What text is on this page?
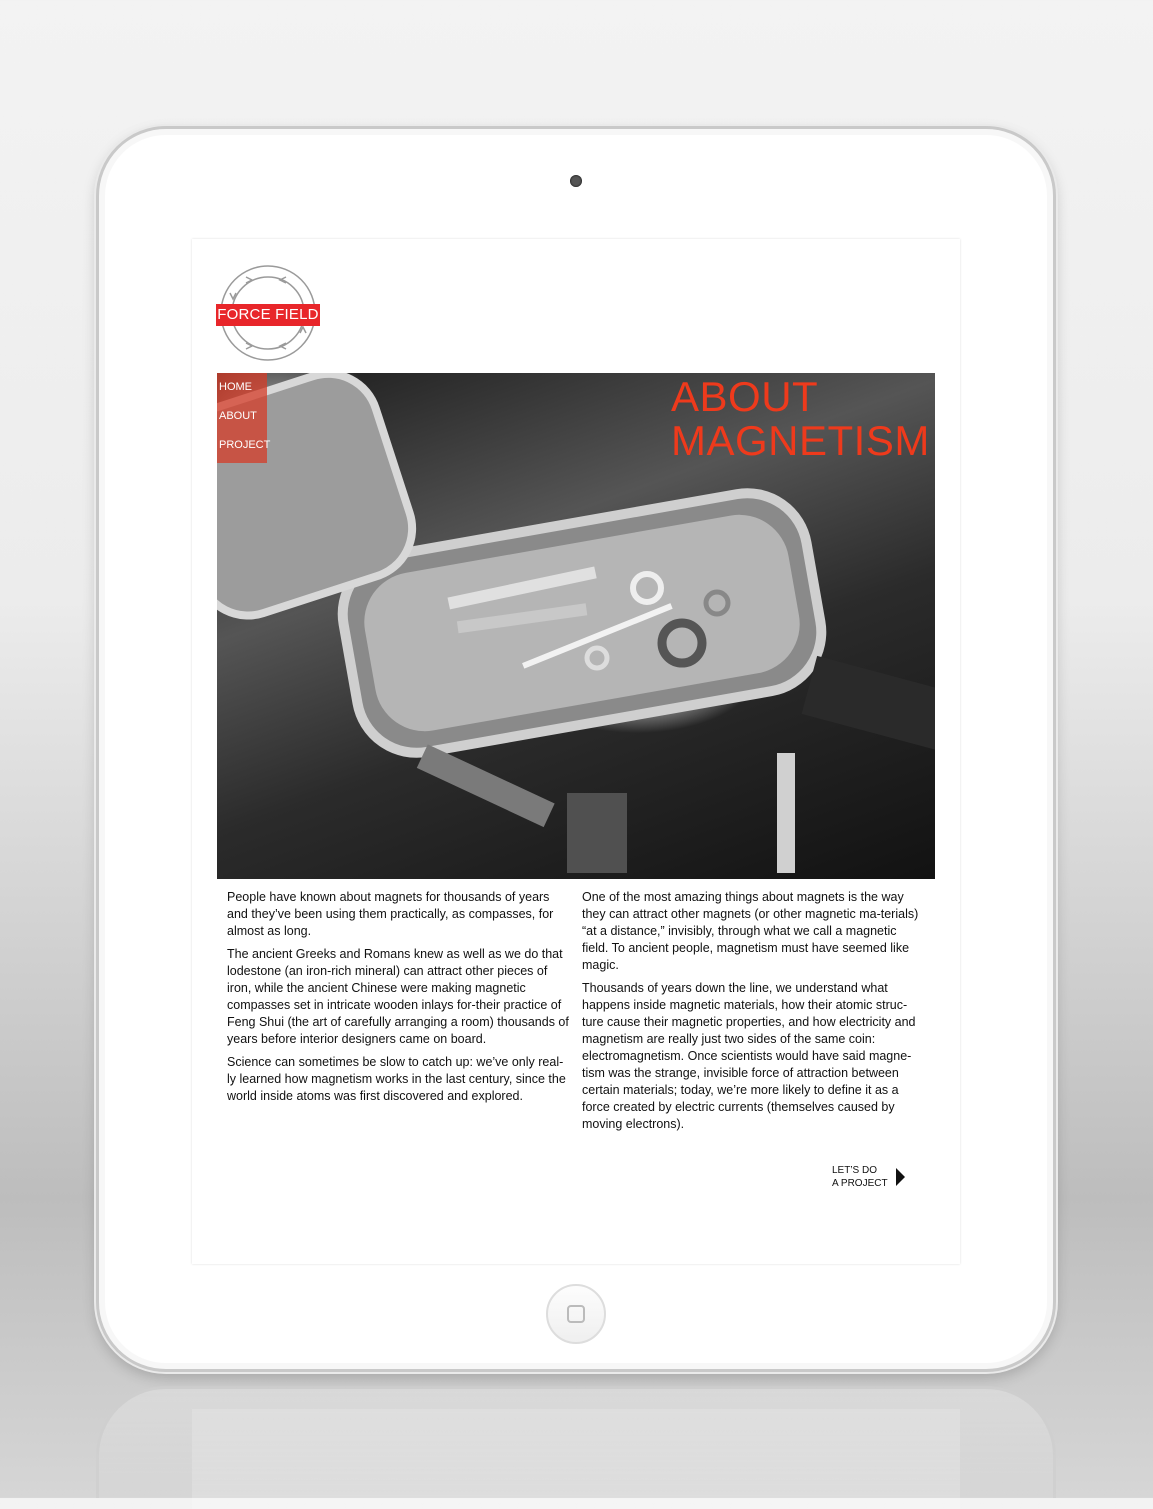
FORCE FIELD
HOME
ABOUT
PROJECT
ABOUT
MAGNETISM

People have known about magnets for thousands of years and they’ve been using them practically, as compasses, for almost as long.

The ancient Greeks and Romans knew as well as we do that lodestone (an iron-rich mineral) can attract other pieces of iron, while the ancient Chinese were making magnetic compasses set in intricate wooden inlays for-their practice of Feng Shui (the art of carefully arranging a room) thousands of years before interior designers came on board.

Science can sometimes be slow to catch up: we’ve only real-ly learned how magnetism works in the last century, since the world inside atoms was first discovered and explored.

One of the most amazing things about magnets is the way they can attract other magnets (or other magnetic ma-terials) “at a distance,” invisibly, through what we call a magnetic field. To ancient people, magnetism must have seemed like magic.

Thousands of years down the line, we understand what happens inside magnetic materials, how their atomic struc-ture cause their magnetic properties, and how electricity and magnetism are really just two sides of the same coin: electromagnetism. Once scientists would have said magne-tism was the strange, invisible force of attraction between certain materials; today, we’re more likely to define it as a force created by electric currents (themselves caused by moving electrons).

LET’S DO
A PROJECT
